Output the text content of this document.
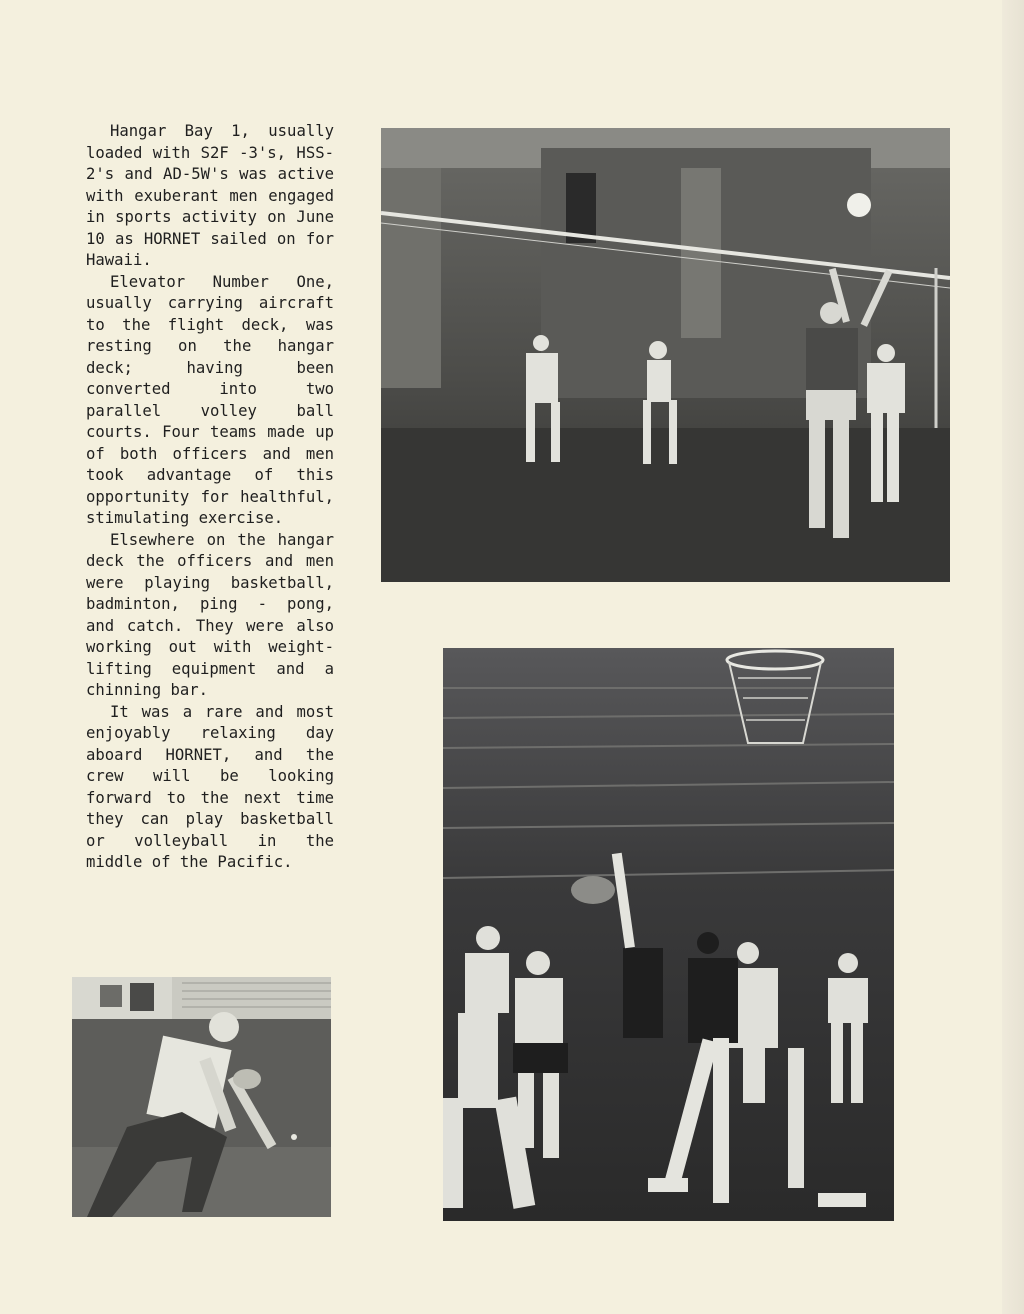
Hangar Bay 1, usually loaded with S2F -3's, HSS-2's and AD-5W's was active with exuberant men engaged in sports activity on June 10 as HORNET sailed on for Hawaii.

Elevator Number One, usually carrying aircraft to the flight deck, was resting on the hangar deck; having been converted into two parallel volley ball courts. Four teams made up of both officers and men took advantage of this opportunity for healthful, stimulating exercise.

Elsewhere on the hangar deck the officers and men were playing basketball, badminton, ping - pong, and catch. They were also working out with weight-lifting equipment and a chinning bar.

It was a rare and most enjoyably relaxing day aboard HORNET, and the crew will be looking forward to the next time they can play basketball or volleyball in the middle of the Pacific.
